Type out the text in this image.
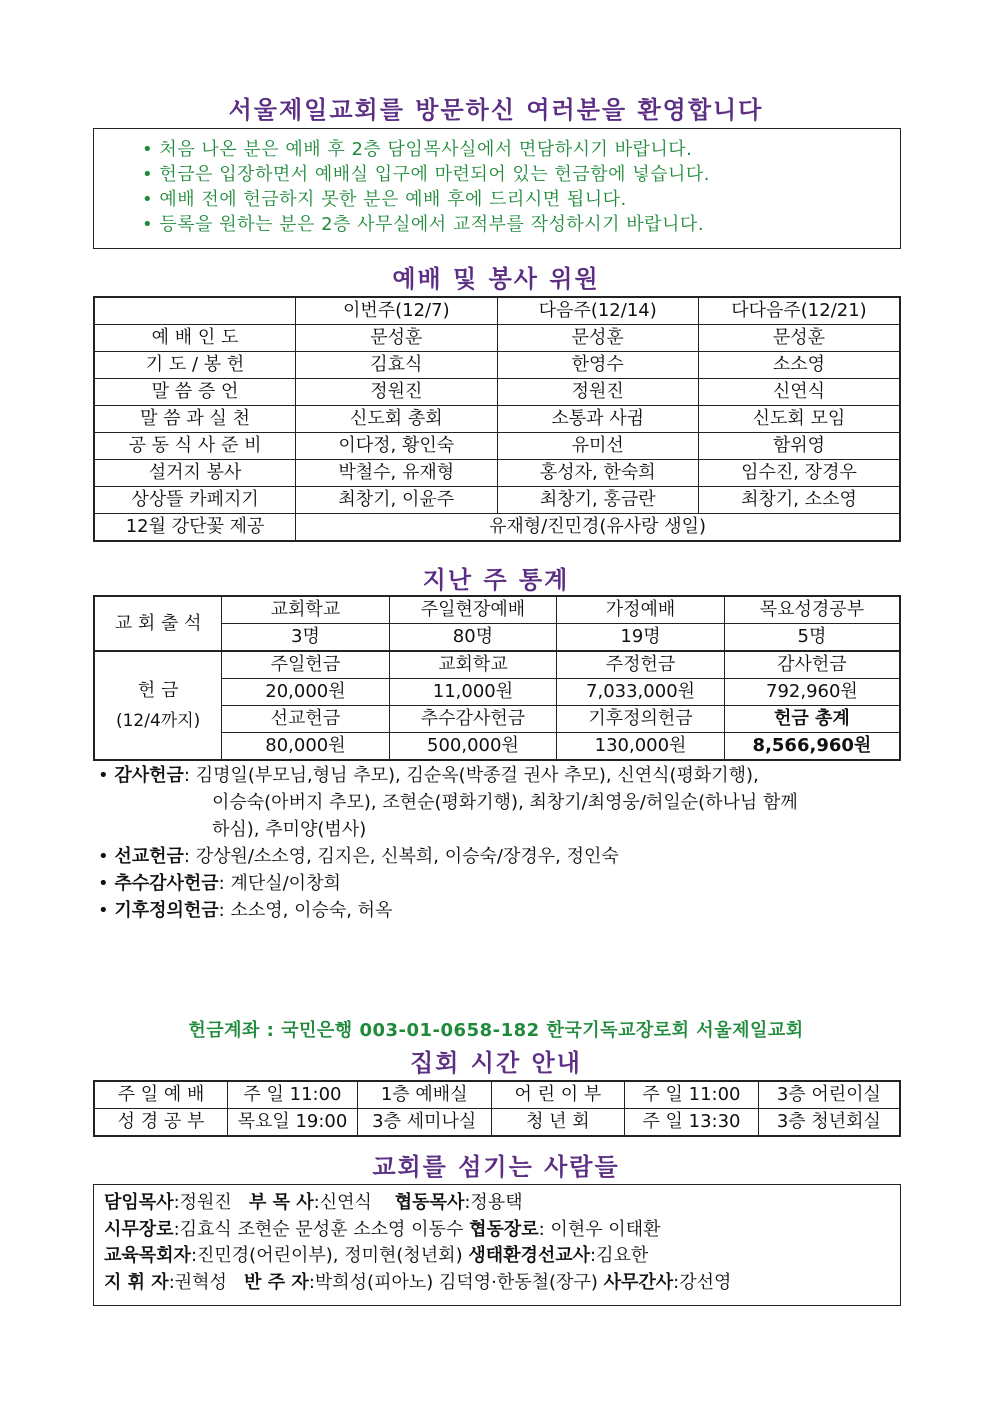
서울제일교회를 방문하신 여러분을 환영합니다
• 처음 나온 분은 예배 후 2층 담임목사실에서 면담하시기 바랍니다.
• 헌금은 입장하면서 예배실 입구에 마련되어 있는 헌금함에 넣습니다.
• 예배 전에 헌금하지 못한 분은 예배 후에 드리시면 됩니다.
• 등록을 원하는 분은 2층 사무실에서 교적부를 작성하시기 바랍니다.
예배 및 봉사 위원
	이번주(12/7)	다음주(12/14)	다다음주(12/21)
예 배 인 도	문성훈	문성훈	문성훈
기 도 / 봉 헌	김효식	한영수	소소영
말 씀 증 언	정원진	정원진	신연식
말 씀 과 실 천	신도회 총회	소통과 사귐	신도회 모임
공 동 식 사 준 비	이다정, 황인숙	유미선	함위영
설거지 봉사	박철수, 유재형	홍성자, 한숙희	임수진, 장경우
상상뜰 카페지기	최창기, 이윤주	최창기, 홍금란	최창기, 소소영
12월 강단꽃 제공	유재형/진민경(유사랑 생일)		
지난 주 통계
교 회 출 석	교회학교	주일현장예배	가정예배	목요성경공부
	3명	80명	19명	5명

헌 금
(12/4까지)	주일헌금	교회학교	주정헌금	감사헌금
	20,000원	11,000원	7,033,000원	792,960원
	선교헌금	추수감사헌금	기후정의헌금	헌금 총계
	80,000원	500,000원	130,000원	8,566,960원
• 감사헌금: 김명일(부모님,형님 추모), 김순옥(박종걸 권사 추모), 신연식(평화기행),
이승숙(아버지 추모), 조현순(평화기행), 최창기/최영웅/허일순(하나님 함께
하심), 추미양(범사)
• 선교헌금: 강상원/소소영, 김지은, 신복희, 이승숙/장경우, 정인숙
• 추수감사헌금: 계단실/이창희
• 기후정의헌금: 소소영, 이승숙, 허옥
헌금계좌 : 국민은행 003-01-0658-182 한국기독교장로회 서울제일교회
집회 시간 안내
주 일 예 배	주 일 11:00	1층 예배실	어 린 이 부	주 일 11:00	3층 어린이실
성 경 공 부	목요일 19:00	3층 세미나실	청 년 회	주 일 13:30	3층 청년회실
교회를 섬기는 사람들
담임목사:정원진 부 목 사:신연식 협동목사:정용택
시무장로:김효식 조현순 문성훈 소소영 이동수 협동장로: 이현우 이태환
교육목회자:진민경(어린이부), 정미현(청년회) 생태환경선교사:김요한
지 휘 자:권혁성 반 주 자:박희성(피아노) 김덕영·한동철(장구) 사무간사:강선영
